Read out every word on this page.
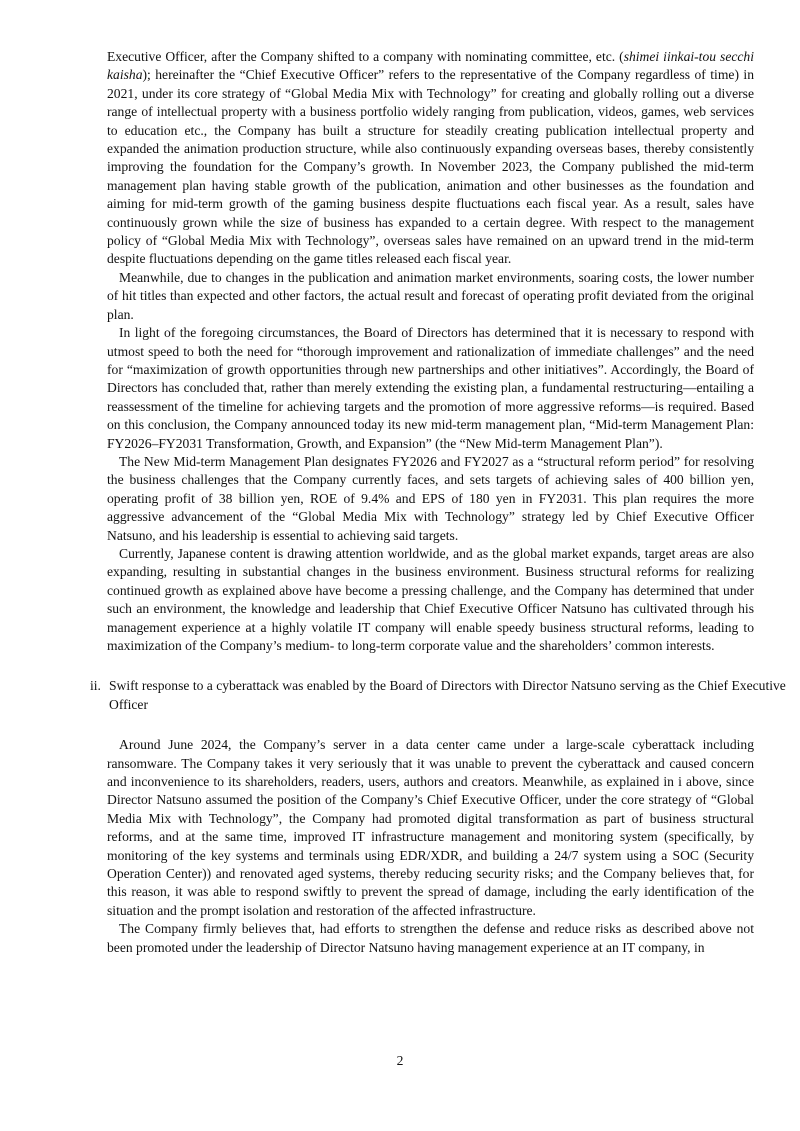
Executive Officer, after the Company shifted to a company with nominating committee, etc. (shimei iinkai-tou secchi kaisha); hereinafter the “Chief Executive Officer” refers to the representative of the Company regardless of time) in 2021, under its core strategy of “Global Media Mix with Technology” for creating and globally rolling out a diverse range of intellectual property with a business portfolio widely ranging from publication, videos, games, web services to education etc., the Company has built a structure for steadily creating publication intellectual property and expanded the animation production structure, while also continuously expanding overseas bases, thereby consistently improving the foundation for the Company’s growth. In November 2023, the Company published the mid-term management plan having stable growth of the publication, animation and other businesses as the foundation and aiming for mid-term growth of the gaming business despite fluctuations each fiscal year. As a result, sales have continuously grown while the size of business has expanded to a certain degree. With respect to the management policy of “Global Media Mix with Technology”, overseas sales have remained on an upward trend in the mid-term despite fluctuations depending on the game titles released each fiscal year.

Meanwhile, due to changes in the publication and animation market environments, soaring costs, the lower number of hit titles than expected and other factors, the actual result and forecast of operating profit deviated from the original plan.

In light of the foregoing circumstances, the Board of Directors has determined that it is necessary to respond with utmost speed to both the need for “thorough improvement and rationalization of immediate challenges” and the need for “maximization of growth opportunities through new partnerships and other initiatives”. Accordingly, the Board of Directors has concluded that, rather than merely extending the existing plan, a fundamental restructuring—entailing a reassessment of the timeline for achieving targets and the promotion of more aggressive reforms—is required. Based on this conclusion, the Company announced today its new mid-term management plan, “Mid-term Management Plan: FY2026–FY2031 Transformation, Growth, and Expansion” (the “New Mid-term Management Plan”).

The New Mid-term Management Plan designates FY2026 and FY2027 as a “structural reform period” for resolving the business challenges that the Company currently faces, and sets targets of achieving sales of 400 billion yen, operating profit of 38 billion yen, ROE of 9.4% and EPS of 180 yen in FY2031. This plan requires the more aggressive advancement of the “Global Media Mix with Technology” strategy led by Chief Executive Officer Natsuno, and his leadership is essential to achieving said targets.

Currently, Japanese content is drawing attention worldwide, and as the global market expands, target areas are also expanding, resulting in substantial changes in the business environment. Business structural reforms for realizing continued growth as explained above have become a pressing challenge, and the Company has determined that under such an environment, the knowledge and leadership that Chief Executive Officer Natsuno has cultivated through his management experience at a highly volatile IT company will enable speedy business structural reforms, leading to maximization of the Company’s medium- to long-term corporate value and the shareholders’ common interests.

ii. Swift response to a cyberattack was enabled by the Board of Directors with Director Natsuno serving as the Chief Executive Officer

Around June 2024, the Company’s server in a data center came under a large-scale cyberattack including ransomware. The Company takes it very seriously that it was unable to prevent the cyberattack and caused concern and inconvenience to its shareholders, readers, users, authors and creators. Meanwhile, as explained in i above, since Director Natsuno assumed the position of the Company’s Chief Executive Officer, under the core strategy of “Global Media Mix with Technology”, the Company had promoted digital transformation as part of business structural reforms, and at the same time, improved IT infrastructure management and monitoring system (specifically, by monitoring of the key systems and terminals using EDR/XDR, and building a 24/7 system using a SOC (Security Operation Center)) and renovated aged systems, thereby reducing security risks; and the Company believes that, for this reason, it was able to respond swiftly to prevent the spread of damage, including the early identification of the situation and the prompt isolation and restoration of the affected infrastructure.

The Company firmly believes that, had efforts to strengthen the defense and reduce risks as described above not been promoted under the leadership of Director Natsuno having management experience at an IT company, in

2
